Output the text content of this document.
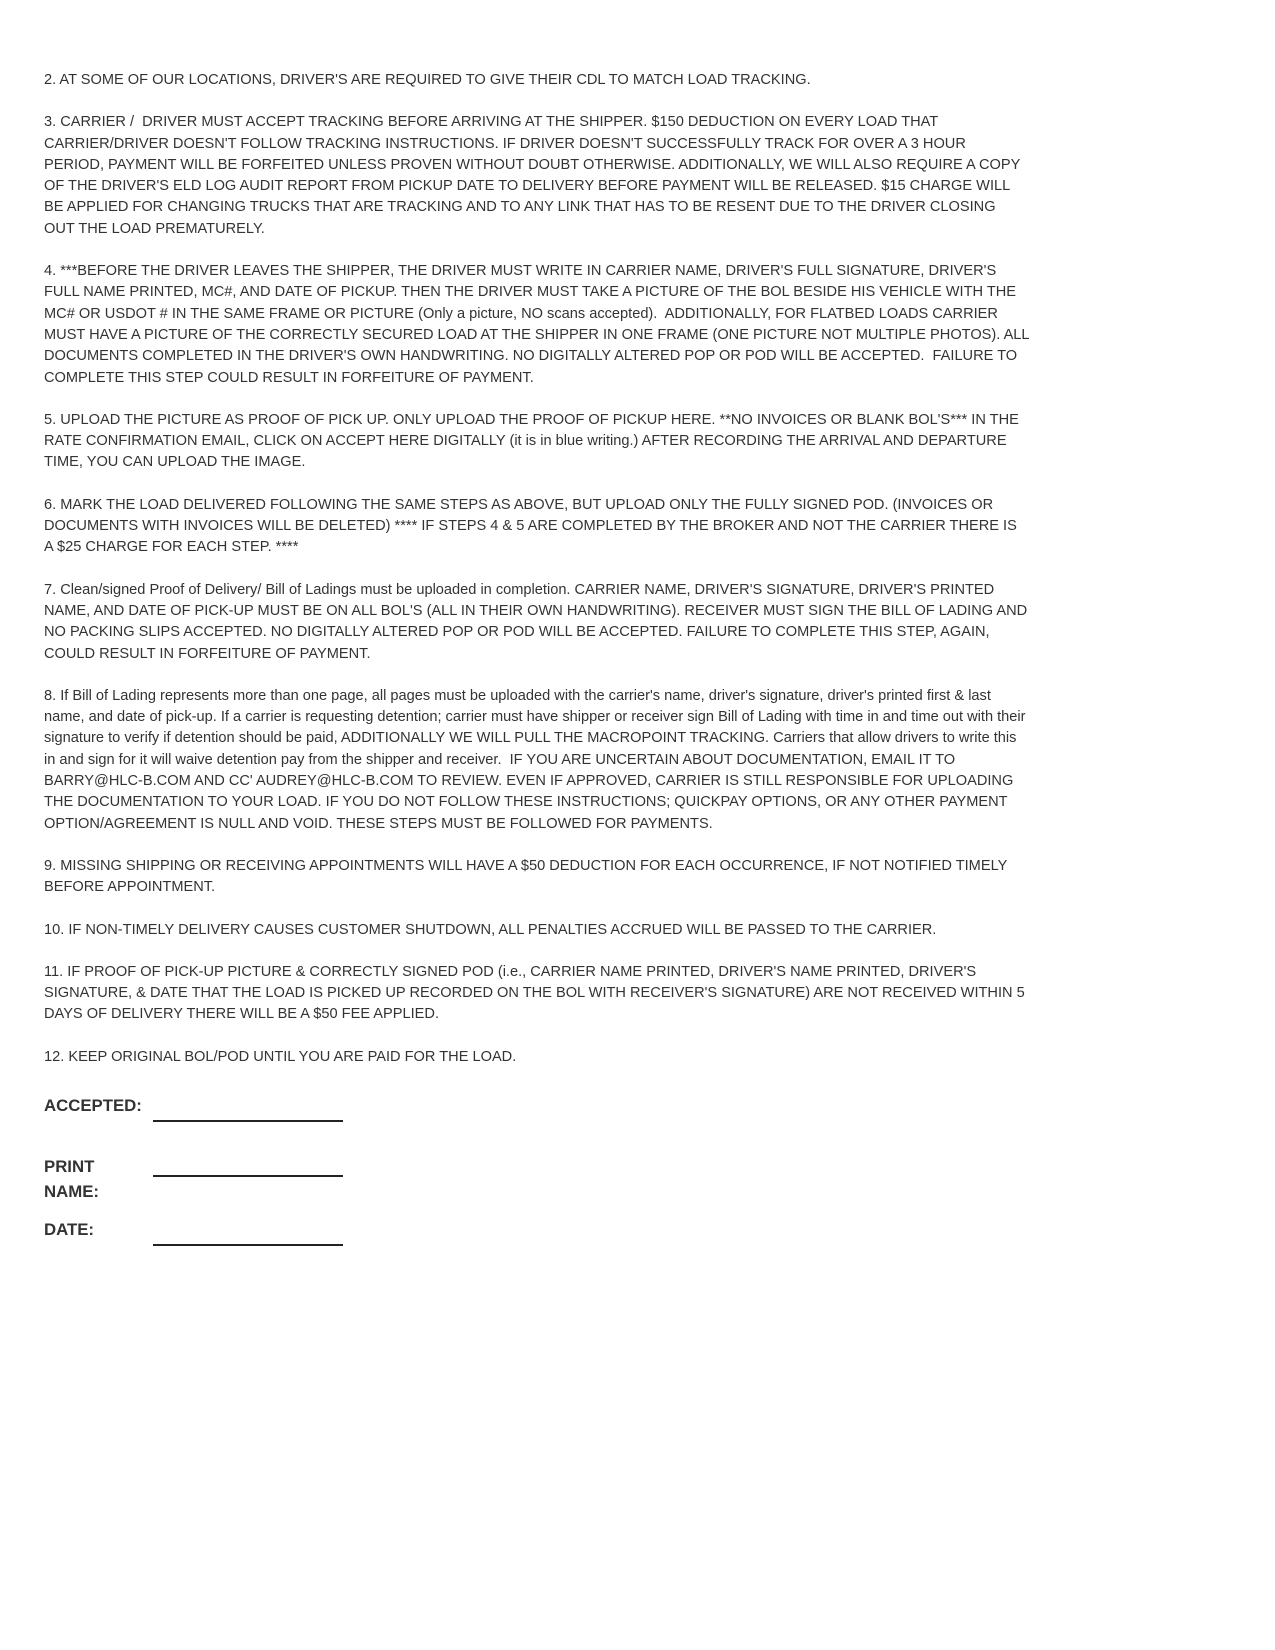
2. AT SOME OF OUR LOCATIONS, DRIVER'S ARE REQUIRED TO GIVE THEIR CDL TO MATCH LOAD TRACKING.

3. CARRIER /  DRIVER MUST ACCEPT TRACKING BEFORE ARRIVING AT THE SHIPPER. $150 DEDUCTION ON EVERY LOAD THAT CARRIER/DRIVER DOESN'T FOLLOW TRACKING INSTRUCTIONS. IF DRIVER DOESN'T SUCCESSFULLY TRACK FOR OVER A 3 HOUR PERIOD, PAYMENT WILL BE FORFEITED UNLESS PROVEN WITHOUT DOUBT OTHERWISE. ADDITIONALLY, WE WILL ALSO REQUIRE A COPY OF THE DRIVER'S ELD LOG AUDIT REPORT FROM PICKUP DATE TO DELIVERY BEFORE PAYMENT WILL BE RELEASED. $15 CHARGE WILL BE APPLIED FOR CHANGING TRUCKS THAT ARE TRACKING AND TO ANY LINK THAT HAS TO BE RESENT DUE TO THE DRIVER CLOSING OUT THE LOAD PREMATURELY.

4. ***BEFORE THE DRIVER LEAVES THE SHIPPER, THE DRIVER MUST WRITE IN CARRIER NAME, DRIVER'S FULL SIGNATURE, DRIVER'S FULL NAME PRINTED, MC#, AND DATE OF PICKUP. THEN THE DRIVER MUST TAKE A PICTURE OF THE BOL BESIDE HIS VEHICLE WITH THE MC# OR USDOT # IN THE SAME FRAME OR PICTURE (Only a picture, NO scans accepted).  ADDITIONALLY, FOR FLATBED LOADS CARRIER MUST HAVE A PICTURE OF THE CORRECTLY SECURED LOAD AT THE SHIPPER IN ONE FRAME (ONE PICTURE NOT MULTIPLE PHOTOS). ALL DOCUMENTS COMPLETED IN THE DRIVER'S OWN HANDWRITING. NO DIGITALLY ALTERED POP OR POD WILL BE ACCEPTED.  FAILURE TO COMPLETE THIS STEP COULD RESULT IN FORFEITURE OF PAYMENT.

5. UPLOAD THE PICTURE AS PROOF OF PICK UP. ONLY UPLOAD THE PROOF OF PICKUP HERE. **NO INVOICES OR BLANK BOL'S*** IN THE RATE CONFIRMATION EMAIL, CLICK ON ACCEPT HERE DIGITALLY (it is in blue writing.) AFTER RECORDING THE ARRIVAL AND DEPARTURE TIME, YOU CAN UPLOAD THE IMAGE.

6. MARK THE LOAD DELIVERED FOLLOWING THE SAME STEPS AS ABOVE, BUT UPLOAD ONLY THE FULLY SIGNED POD. (INVOICES OR DOCUMENTS WITH INVOICES WILL BE DELETED) **** IF STEPS 4 & 5 ARE COMPLETED BY THE BROKER AND NOT THE CARRIER THERE IS A $25 CHARGE FOR EACH STEP. ****

7. Clean/signed Proof of Delivery/ Bill of Ladings must be uploaded in completion. CARRIER NAME, DRIVER'S SIGNATURE, DRIVER'S PRINTED NAME, AND DATE OF PICK-UP MUST BE ON ALL BOL'S (ALL IN THEIR OWN HANDWRITING). RECEIVER MUST SIGN THE BILL OF LADING AND NO PACKING SLIPS ACCEPTED. NO DIGITALLY ALTERED POP OR POD WILL BE ACCEPTED. FAILURE TO COMPLETE THIS STEP, AGAIN, COULD RESULT IN FORFEITURE OF PAYMENT.

8. If Bill of Lading represents more than one page, all pages must be uploaded with the carrier's name, driver's signature, driver's printed first & last name, and date of pick-up. If a carrier is requesting detention; carrier must have shipper or receiver sign Bill of Lading with time in and time out with their signature to verify if detention should be paid, ADDITIONALLY WE WILL PULL THE MACROPOINT TRACKING. Carriers that allow drivers to write this in and sign for it will waive detention pay from the shipper and receiver.  IF YOU ARE UNCERTAIN ABOUT DOCUMENTATION, EMAIL IT TO BARRY@HLC-B.COM AND CC' AUDREY@HLC-B.COM TO REVIEW. EVEN IF APPROVED, CARRIER IS STILL RESPONSIBLE FOR UPLOADING THE DOCUMENTATION TO YOUR LOAD. IF YOU DO NOT FOLLOW THESE INSTRUCTIONS; QUICKPAY OPTIONS, OR ANY OTHER PAYMENT OPTION/AGREEMENT IS NULL AND VOID. THESE STEPS MUST BE FOLLOWED FOR PAYMENTS.

9. MISSING SHIPPING OR RECEIVING APPOINTMENTS WILL HAVE A $50 DEDUCTION FOR EACH OCCURRENCE, IF NOT NOTIFIED TIMELY BEFORE APPOINTMENT.

10. IF NON-TIMELY DELIVERY CAUSES CUSTOMER SHUTDOWN, ALL PENALTIES ACCRUED WILL BE PASSED TO THE CARRIER.

11. IF PROOF OF PICK-UP PICTURE & CORRECTLY SIGNED POD (i.e., CARRIER NAME PRINTED, DRIVER'S NAME PRINTED, DRIVER'S SIGNATURE, & DATE THAT THE LOAD IS PICKED UP RECORDED ON THE BOL WITH RECEIVER'S SIGNATURE) ARE NOT RECEIVED WITHIN 5 DAYS OF DELIVERY THERE WILL BE A $50 FEE APPLIED.

12. KEEP ORIGINAL BOL/POD UNTIL YOU ARE PAID FOR THE LOAD.

ACCEPTED:
PRINT NAME:
DATE:
